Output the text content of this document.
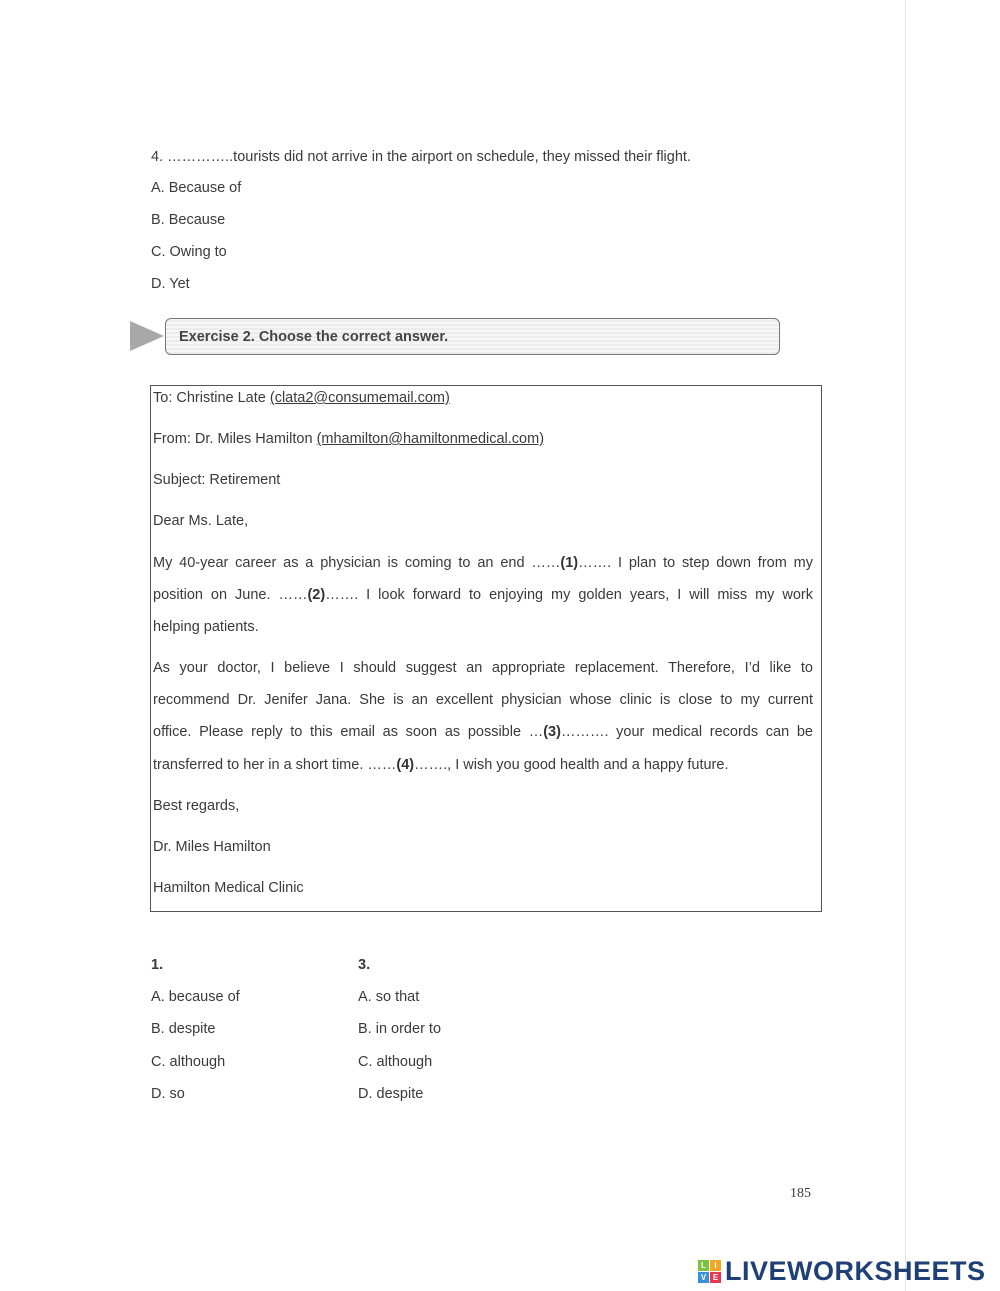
4. …………..tourists did not arrive in the airport on schedule, they missed their flight.
A. Because of
B. Because
C. Owing to
D. Yet
Exercise 2. Choose the correct answer.
To: Christine Late (clata2@consumemail.com)
From: Dr. Miles Hamilton (mhamilton@hamiltonmedical.com)
Subject: Retirement
Dear Ms. Late,
My 40-year career as a physician is coming to an end ……(1)……. I plan to step down from my
position on June. ……(2)……. I look forward to enjoying my golden years, I will miss my work
helping patients.
As your doctor, I believe I should suggest an appropriate replacement. Therefore, I’d like to
recommend Dr. Jenifer Jana. She is an excellent physician whose clinic is close to my current
office. Please reply to this email as soon as possible …(3)………. your medical records can be
transferred to her in a short time. ……(4)……., I wish you good health and a happy future.
Best regards,
Dr. Miles Hamilton
Hamilton Medical Clinic
1.
A. because of
B. despite
C. although
D. so
3.
A. so that
B. in order to
C. although
D. despite
185
L	I
V E LIVEWORKSHEETS
